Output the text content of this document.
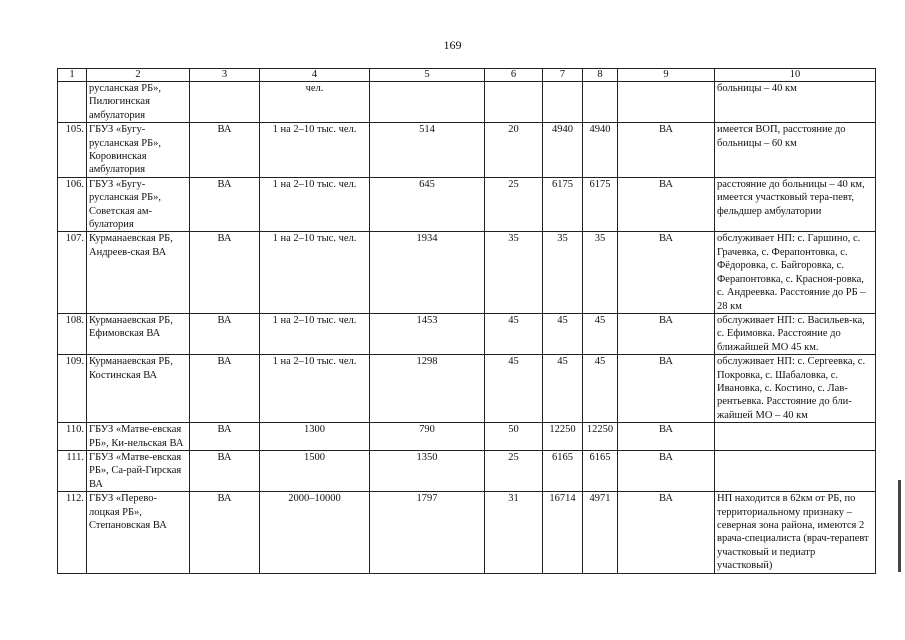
169
1	2	3	4	5	6	7	8	9	10
	русланская РБ», Пилюгинская амбулатория		чел.						больницы – 40 км
105.	ГБУЗ «Бугу-русланская РБ», Коровинская амбулатория	ВА	1 на 2–10 тыс. чел.	514	20	4940	4940	ВА	имеется ВОП, расстояние до больницы – 60 км
106.	ГБУЗ «Бугу-русланская РБ», Советская ам-булатория	ВА	1 на 2–10 тыс. чел.	645	25	6175	6175	ВА	расстояние до больницы – 40 км, имеется участковый тера-певт, фельдшер амбулатории
107.	Курманаевская РБ, Андреев-ская ВА	ВА	1 на 2–10 тыс. чел.	1934	35	35	35	ВА	обслуживает НП: с. Гаршино, с. Грачевка, с. Ферапонтовка, с. Фёдоровка, с. Байгоровка, с. Ферапонтовка, с. Красноя-ровка, с. Андреевка. Расстояние до РБ – 28 км
108.	Курманаевская РБ, Ефимовская ВА	ВА	1 на 2–10 тыс. чел.	1453	45	45	45	ВА	обслуживает НП: с. Васильев-ка, с. Ефимовка. Расстояние до ближайшей МО 45 км.
109.	Курманаевская РБ, Костинская ВА	ВА	1 на 2–10 тыс. чел.	1298	45	45	45	ВА	обслуживает НП: с. Сергеевка, с. Покровка, с. Шабаловка, с. Ивановка, с. Костино, с. Лав-рентьевка. Расстояние до бли-жайшей МО – 40 км
110.	ГБУЗ «Матве-евская РБ», Ки-нельская ВА	ВА	1300	790	50	12250	12250	ВА	
111.	ГБУЗ «Матве-евская РБ», Са-рай-Гирская ВА	ВА	1500	1350	25	6165	6165	ВА	
112.	ГБУЗ «Перево-лоцкая РБ», Степановская ВА	ВА	2000–10000	1797	31	16714	4971	ВА	НП находится в 62км от РБ, по территориальному признаку – северная зона района, имеются 2 врача-специалиста (врач-терапевт участковый и педиатр участковый)
